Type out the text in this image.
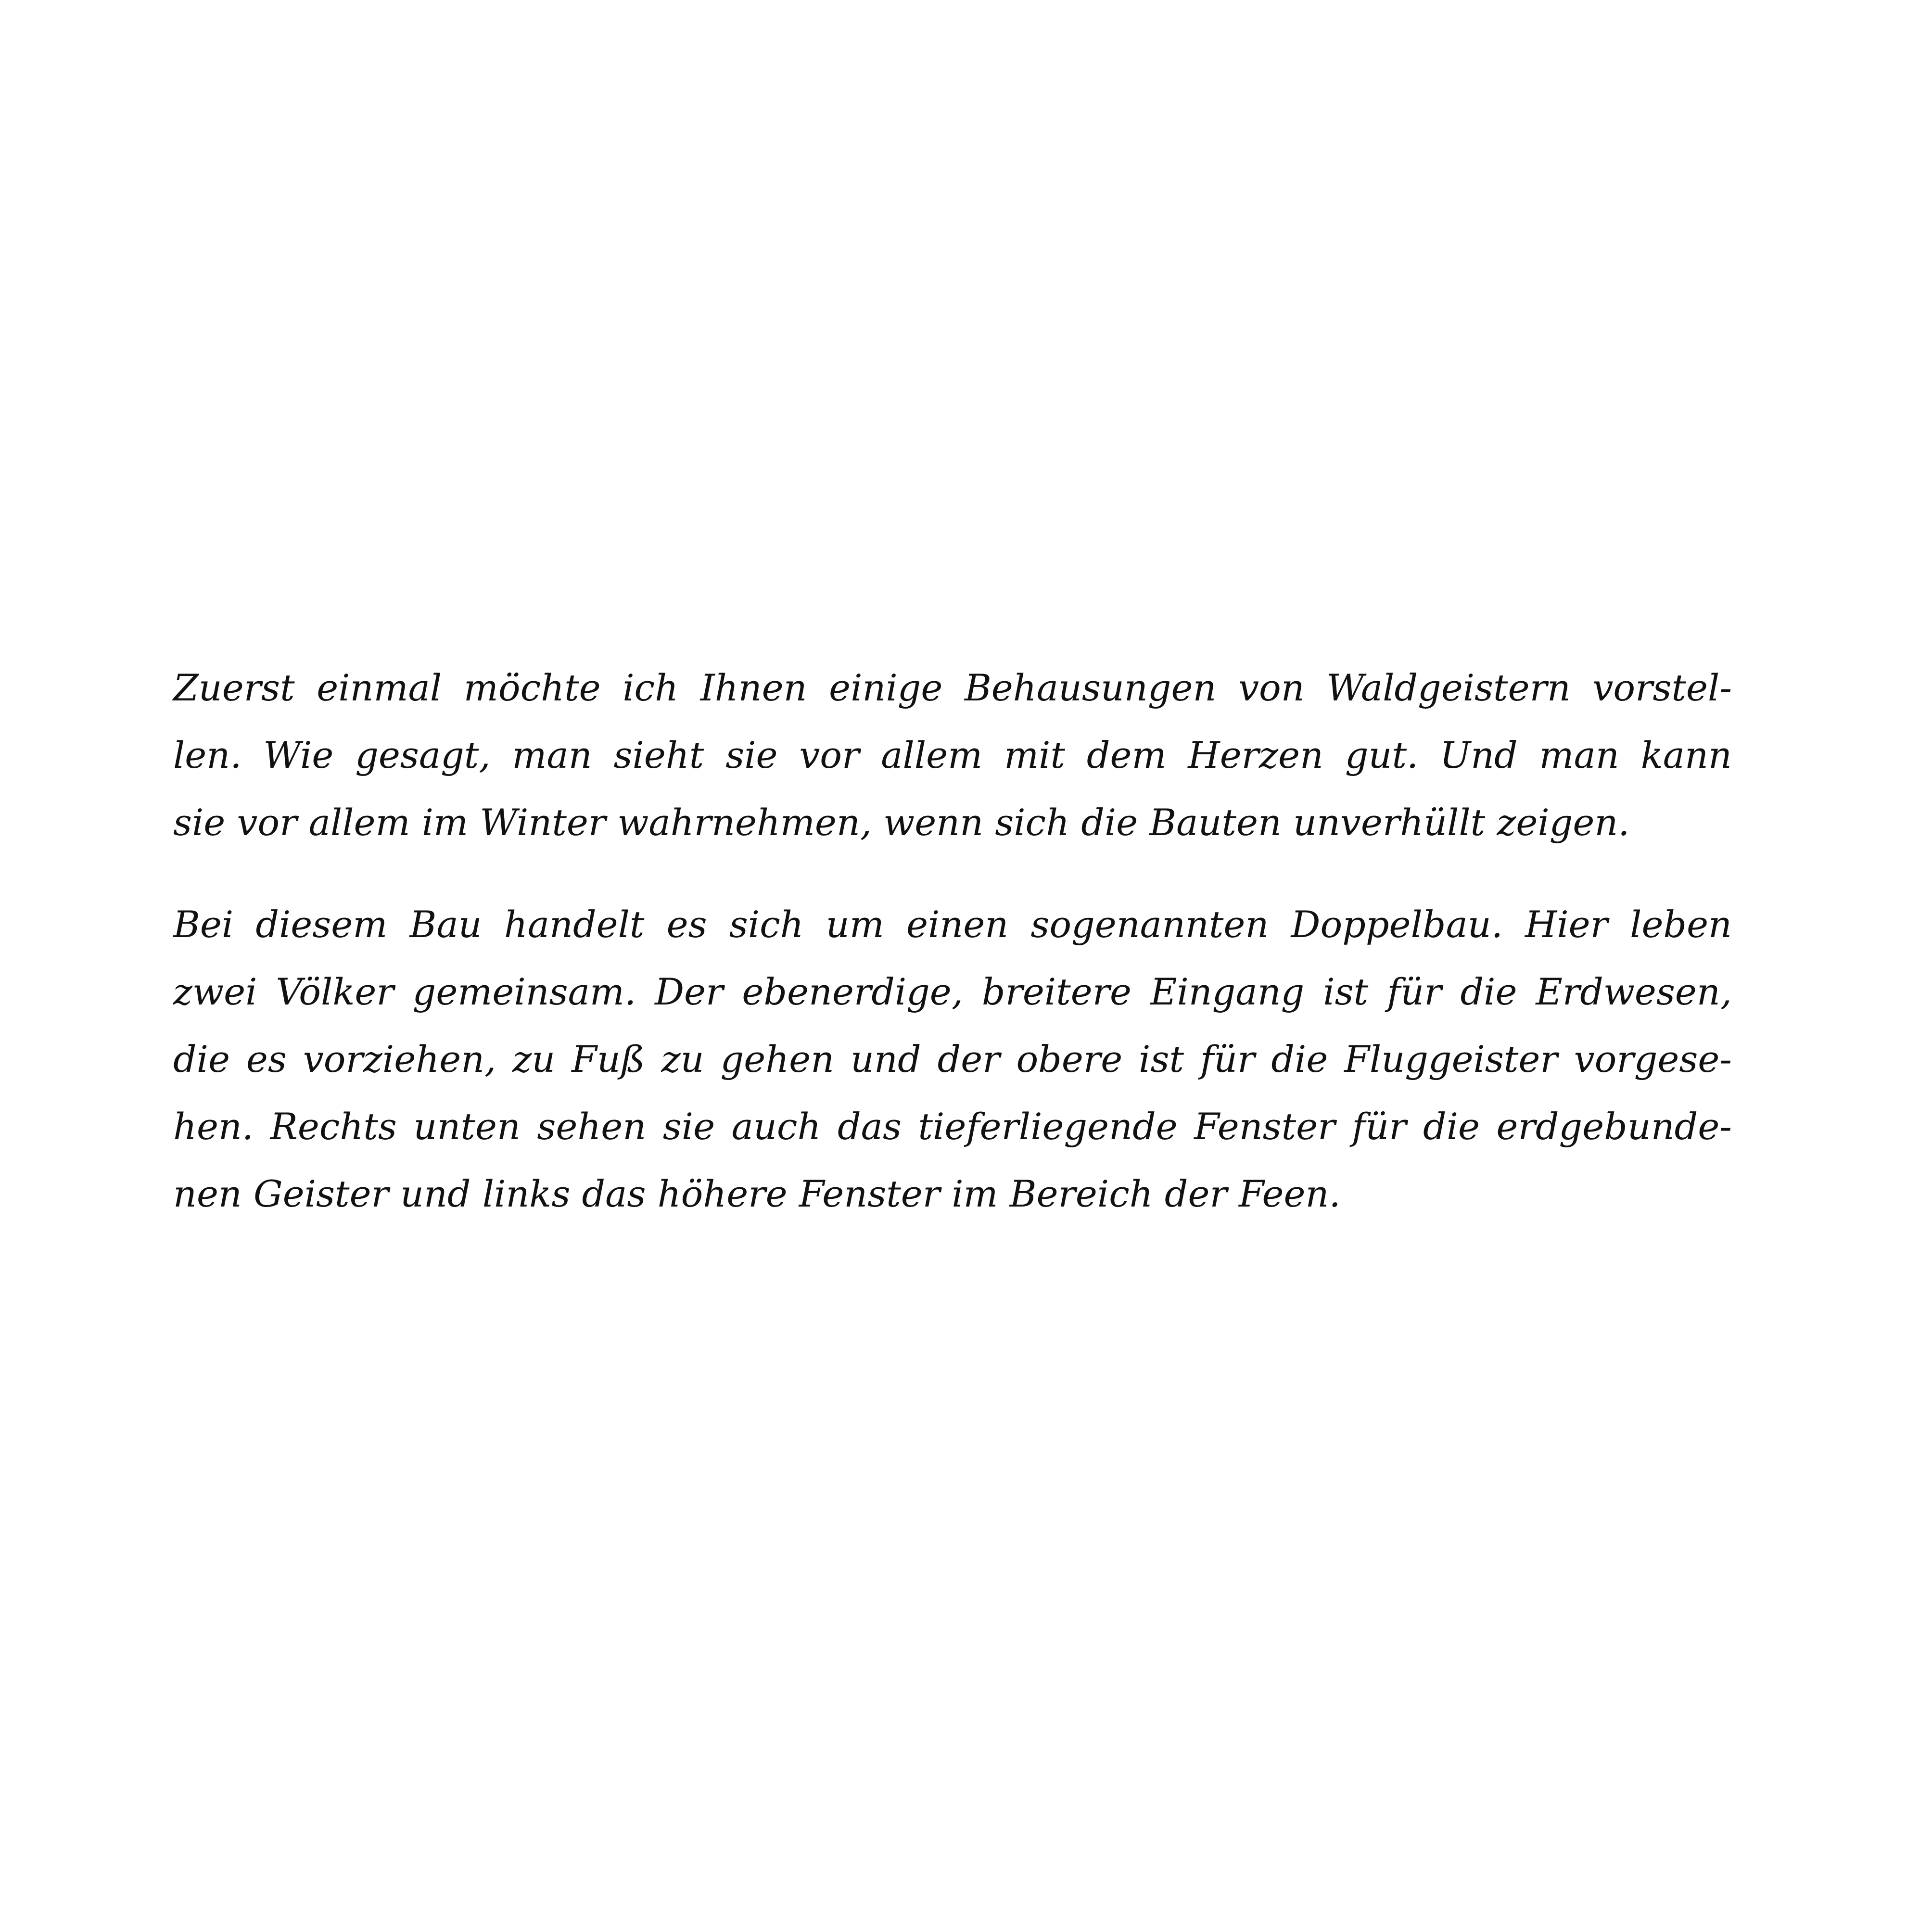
Zuerst einmal möchte ich Ihnen einige Behausungen von Waldgeistern vorstel-
len. Wie gesagt, man sieht sie vor allem mit dem Herzen gut. Und man kann
sie vor allem im Winter wahrnehmen, wenn sich die Bauten unverhüllt zeigen.

Bei diesem Bau handelt es sich um einen sogenannten Doppelbau. Hier leben
zwei Völker gemeinsam. Der ebenerdige, breitere Eingang ist für die Erdwesen,
die es vorziehen, zu Fuß zu gehen und der obere ist für die Fluggeister vorgese-
hen. Rechts unten sehen sie auch das tieferliegende Fenster für die erdgebunde-
nen Geister und links das höhere Fenster im Bereich der Feen.
